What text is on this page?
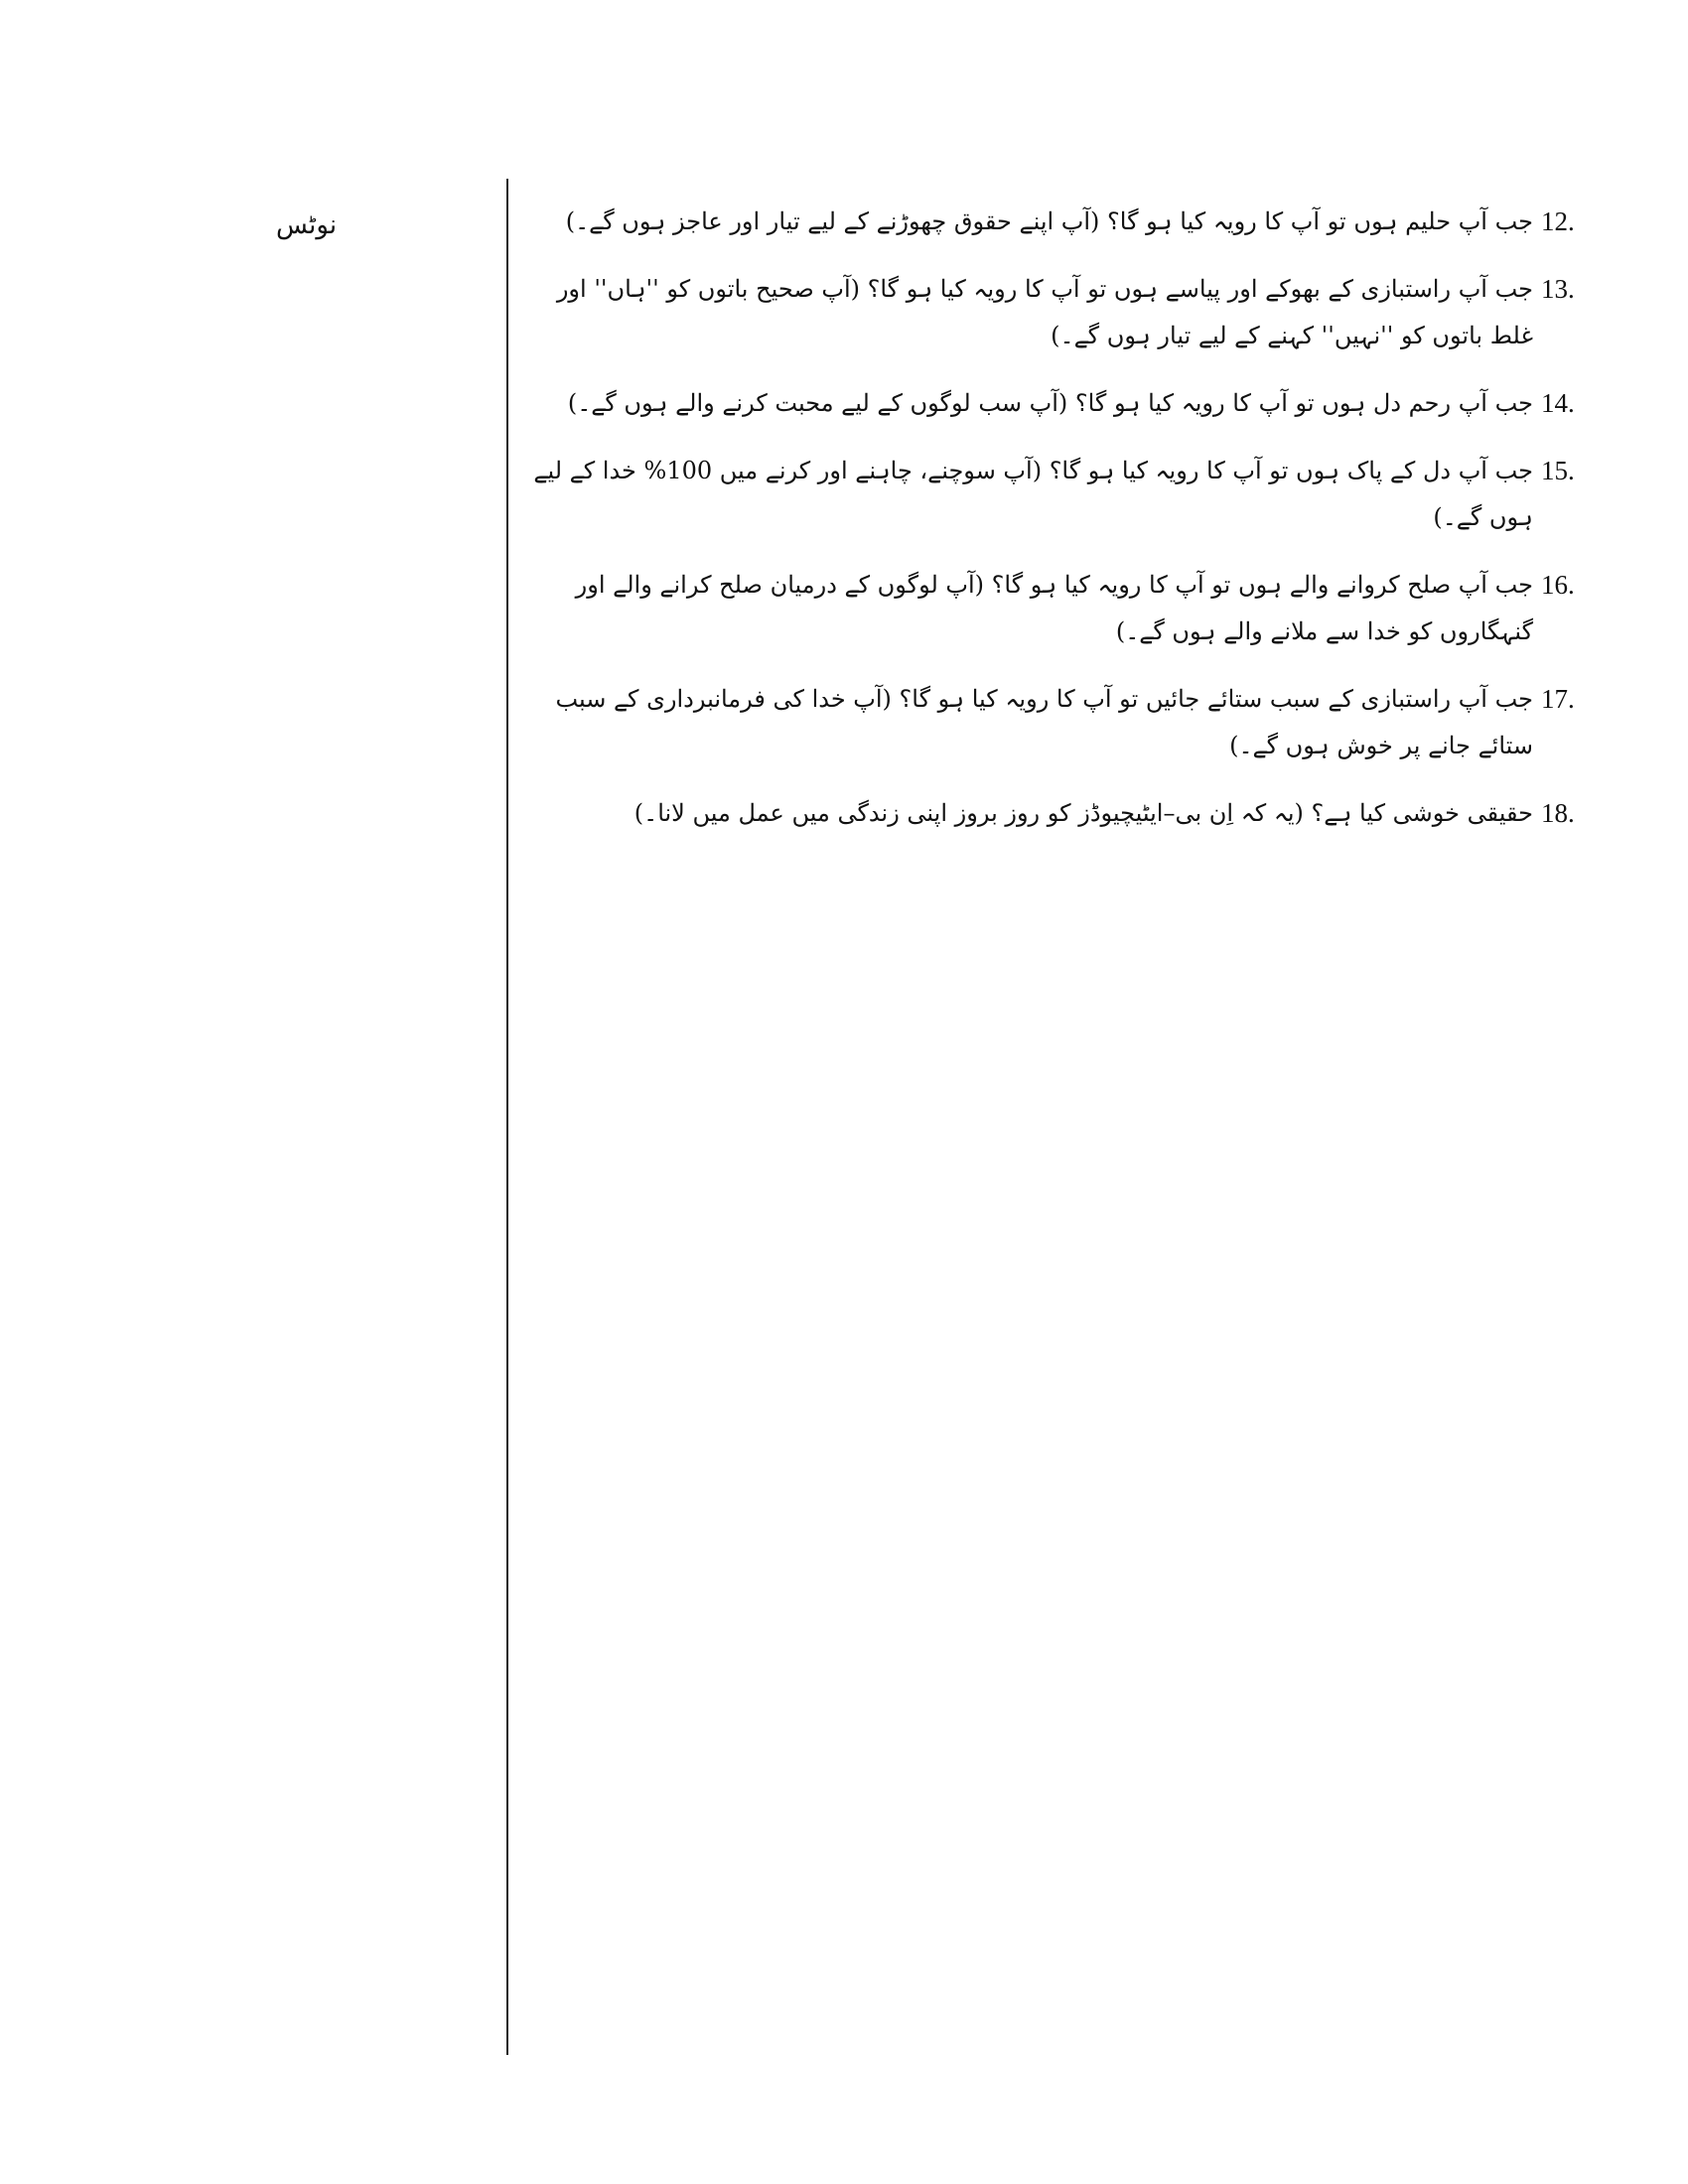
نوٹس	12.
جب آپ حلیم ہوں تو آپ کا رویہ کیا ہو گا؟ (آپ اپنے حقوق چھوڑنے کے لیے تیار اور عاجز ہوں گے۔)
13.
جب آپ راستبازی کے بھوکے اور پیاسے ہوں تو آپ کا رویہ کیا ہو گا؟ (آپ صحیح باتوں کو ''ہاں'' اور غلط باتوں کو ''نہیں'' کہنے کے لیے تیار ہوں گے۔)
14.
جب آپ رحم دل ہوں تو آپ کا رویہ کیا ہو گا؟ (آپ سب لوگوں کے لیے محبت کرنے والے ہوں گے۔)
15.
جب آپ دل کے پاک ہوں تو آپ کا رویہ کیا ہو گا؟ (آپ سوچنے، چاہنے اور کرنے میں 100% خدا کے لیے ہوں گے۔)
16.
جب آپ صلح کروانے والے ہوں تو آپ کا رویہ کیا ہو گا؟ (آپ لوگوں کے درمیان صلح کرانے والے اور گنہگاروں کو خدا سے ملانے والے ہوں گے۔)
17.
جب آپ راستبازی کے سبب ستائے جائیں تو آپ کا رویہ کیا ہو گا؟ (آپ خدا کی فرمانبرداری کے سبب ستائے جانے پر خوش ہوں گے۔)
18.
حقیقی خوشی کیا ہے؟ (یہ کہ اِن بی–ایٹیچیوڈز کو روز بروز اپنی زندگی میں عمل میں لانا۔)
